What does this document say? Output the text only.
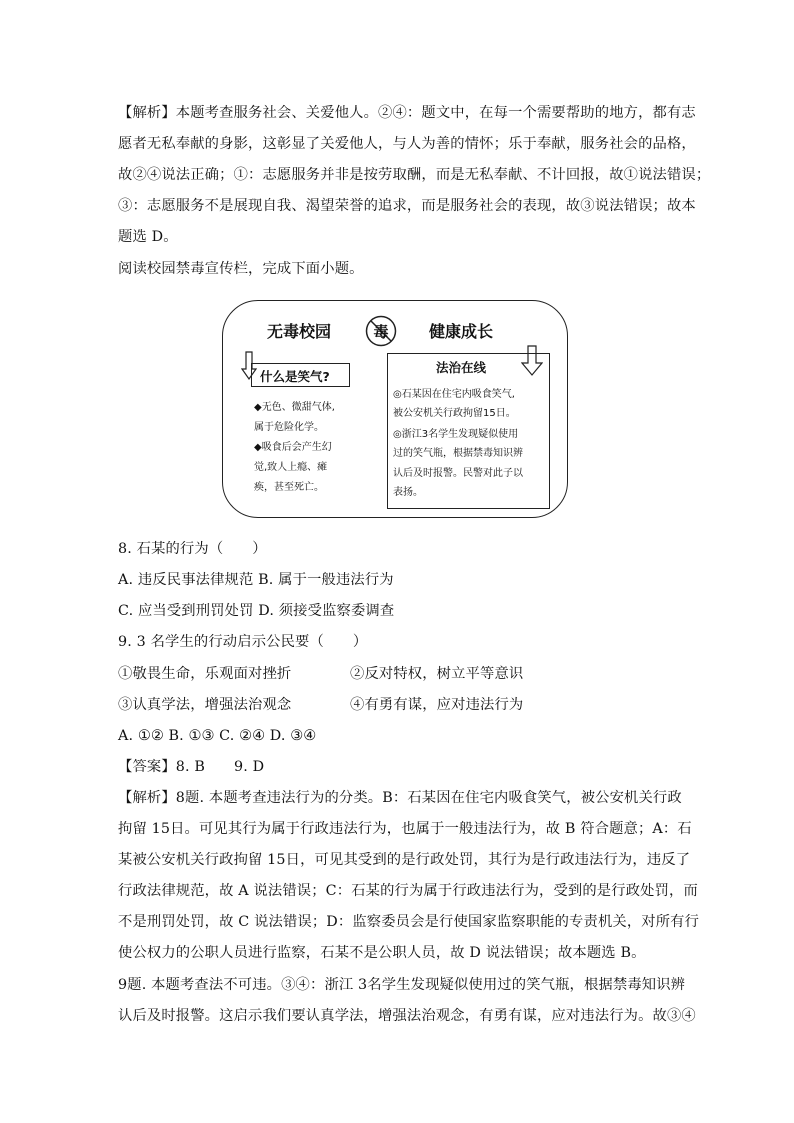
【解析】本题考查服务社会、关爱他人。②④：题文中，在每一个需要帮助的地方，都有志
愿者无私奉献的身影，这彰显了关爱他人，与人为善的情怀；乐于奉献，服务社会的品格，
故②④说法正确；①：志愿服务并非是按劳取酬，而是无私奉献、不计回报，故①说法错误；
③：志愿服务不是展现自我、渴望荣誉的追求，而是服务社会的表现，故③说法错误；故本
题选 D。
阅读校园禁毒宣传栏，完成下面小题。
无毒校园	毒	健康成长
什么是笑气?
◆无色、微甜气体,
属于危险化学。
◆吸食后会产生幻
觉,致人上瘾、瘫
痪，甚至死亡。
法治在线
◎石某因在住宅内吸食笑气,
被公安机关行政拘留15日。
◎浙江3名学生发现疑似使用
过的笑气瓶，根据禁毒知识辨
认后及时报警。民警对此子以
表扬。
8. 石某的行为（　　）
A. 违反民事法律规范 B. 属于一般违法行为
C. 应当受到刑罚处罚 D. 须接受监察委调查
9. 3 名学生的行动启示公民要（　　）
①敬畏生命，乐观面对挫折	②反对特权，树立平等意识
③认真学法，增强法治观念	④有勇有谋，应对违法行为
A. ①② B. ①③ C. ②④ D. ③④
【答案】8. B　　9. D
【解析】8题. 本题考查违法行为的分类。B：石某因在住宅内吸食笑气，被公安机关行政
拘留 15日。可见其行为属于行政违法行为，也属于一般违法行为，故 B 符合题意；A：石
某被公安机关行政拘留 15日，可见其受到的是行政处罚，其行为是行政违法行为，违反了
行政法律规范，故 A 说法错误；C：石某的行为属于行政违法行为，受到的是行政处罚，而
不是刑罚处罚，故 C 说法错误；D：监察委员会是行使国家监察职能的专责机关，对所有行
使公权力的公职人员进行监察，石某不是公职人员，故 D 说法错误；故本题选 B。
9题. 本题考查法不可违。③④：浙江 3名学生发现疑似使用过的笑气瓶，根据禁毒知识辨
认后及时报警。这启示我们要认真学法，增强法治观念，有勇有谋，应对违法行为。故③④
